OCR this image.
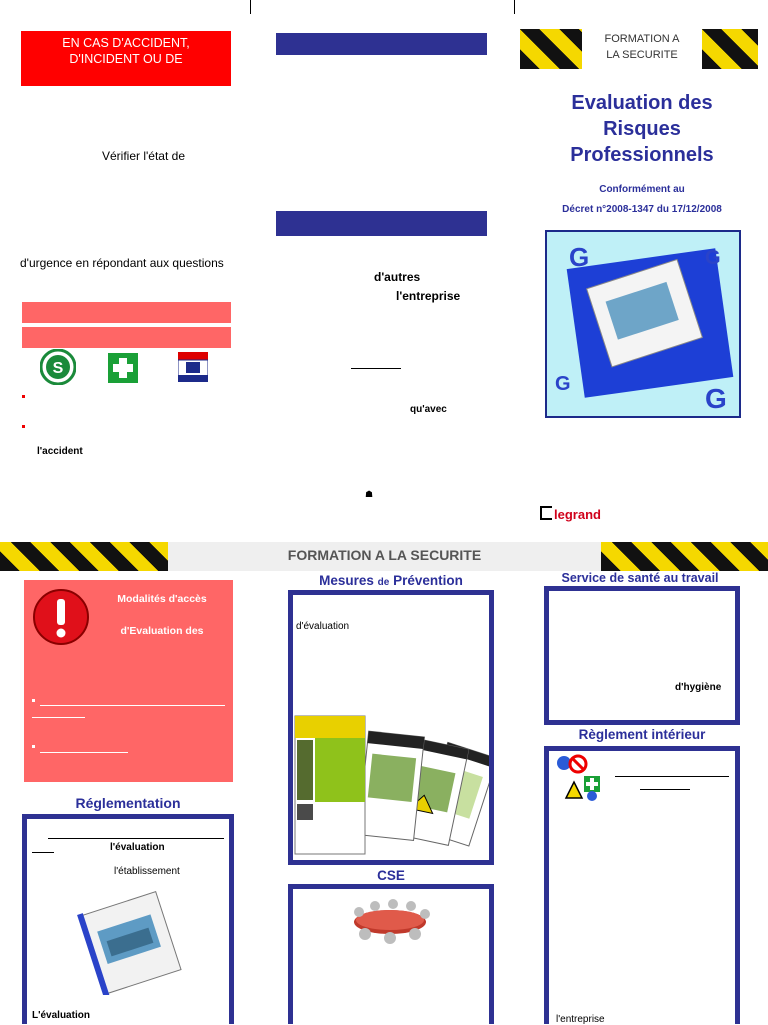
EN CAS D'ACCIDENT,
D'INCIDENT OU DE
Vérifier l'état de
d'urgence en répondant aux questions
S
l'accident
d'autres
l'entreprise
qu'avec
☗
FORMATION A
LA SECURITE
Evaluation des
Risques
Professionnels
Conformément au
Décret n°2008-1347 du 17/12/2008
G	G
G	G
legrand
FORMATION A LA SECURITE
Modalités d'accès
d'Evaluation des
Réglementation
l'évaluation
l'établissement
L'évaluation
Mesures de Prévention
d'évaluation
CSE
Service de santé au travail
d'hygiène
Règlement intérieur
l'entreprise
